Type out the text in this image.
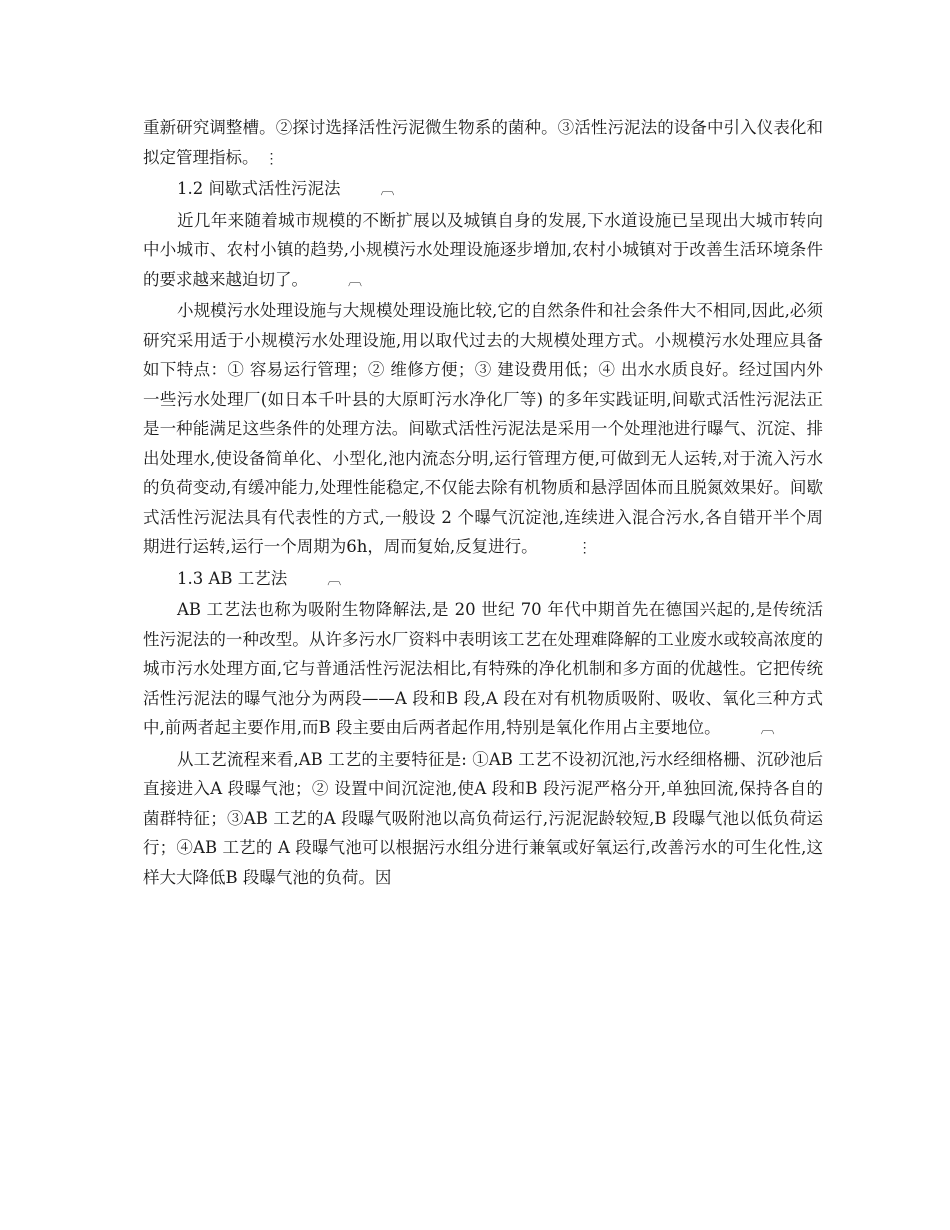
重新研究调整槽。②探讨选择活性污泥微生物系的菌种。③活性污泥法的设备中引入仪表化和拟定管理指标。 ⋮

1.2 间歇式活性污泥法	︹

近几年来随着城市规模的不断扩展以及城镇自身的发展,下水道设施已呈现出大城市转向中小城市、农村小镇的趋势,小规模污水处理设施逐步增加,农村小城镇对于改善生活环境条件的要求越来越迫切了。	︹

小规模污水处理设施与大规模处理设施比较,它的自然条件和社会条件大不相同,因此,必须研究采用适于小规模污水处理设施,用以取代过去的大规模处理方式。小规模污水处理应具备如下特点：① 容易运行管理；② 维修方便；③ 建设费用低；④ 出水水质良好。经过国内外一些污水处理厂(如日本千叶县的大原町污水净化厂等) 的多年实践证明,间歇式活性污泥法正是一种能满足这些条件的处理方法。间歇式活性污泥法是采用一个处理池进行曝气、沉淀、排出处理水,使设备简单化、小型化,池内流态分明,运行管理方便,可做到无人运转,对于流入污水的负荷变动,有缓冲能力,处理性能稳定,不仅能去除有机物质和悬浮固体而且脱氮效果好。间歇式活性污泥法具有代表性的方式,一般设 2 个曝气沉淀池,连续进入混合污水,各自错开半个周期进行运转,运行一个周期为6h，周而复始,反复进行。	⋮

1.3 AB 工艺法	︹

AB 工艺法也称为吸附生物降解法,是 20 世纪 70 年代中期首先在德国兴起的,是传统活性污泥法的一种改型。从许多污水厂资料中表明该工艺在处理难降解的工业废水或较高浓度的城市污水处理方面,它与普通活性污泥法相比,有特殊的净化机制和多方面的优越性。它把传统活性污泥法的曝气池分为两段——A 段和B 段,A 段在对有机物质吸附、吸收、氧化三种方式中,前两者起主要作用,而B 段主要由后两者起作用,特别是氧化作用占主要地位。	︹

从工艺流程来看,AB 工艺的主要特征是: ①AB 工艺不设初沉池,污水经细格栅、沉砂池后直接进入A 段曝气池；② 设置中间沉淀池,使A 段和B 段污泥严格分开,单独回流,保持各自的菌群特征；③AB 工艺的A 段曝气吸附池以高负荷运行,污泥泥龄较短,B 段曝气池以低负荷运行；④AB 工艺的 A 段曝气池可以根据污水组分进行兼氧或好氧运行,改善污水的可生化性,这样大大降低B 段曝气池的负荷。因
